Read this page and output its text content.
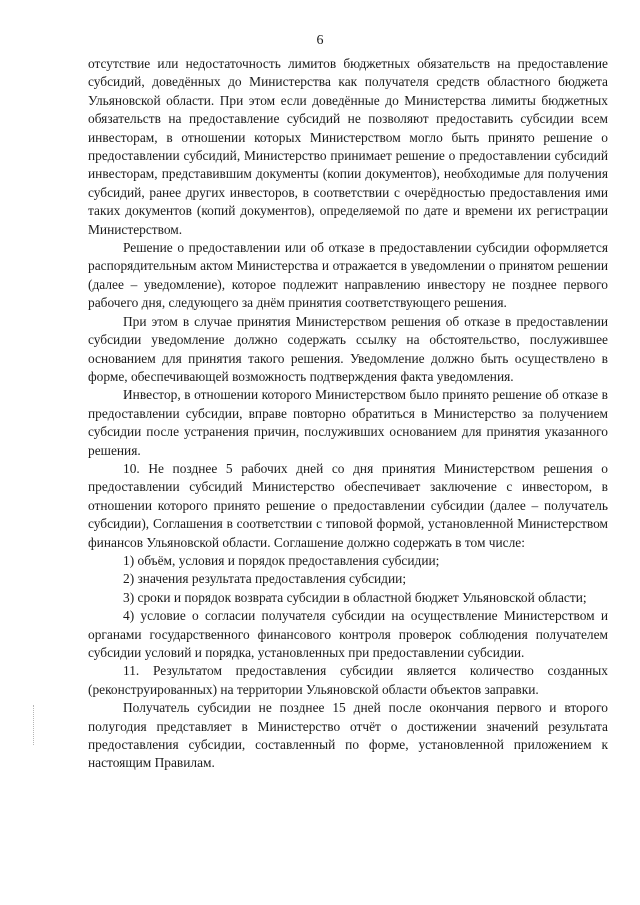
6

отсутствие или недостаточность лимитов бюджетных обязательств на предоставление субсидий, доведённых до Министерства как получателя средств областного бюджета Ульяновской области. При этом если доведённые до Министерства лимиты бюджетных обязательств на предоставление субсидий не позволяют предоставить субсидии всем инвесторам, в отношении которых Министерством могло быть принято решение о предоставлении субсидий, Министерство принимает решение о предоставлении субсидий инвесторам, представившим документы (копии документов), необходимые для получения субсидий, ранее других инвесторов, в соответствии с очерёдностью предоставления ими таких документов (копий документов), определяемой по дате и времени их регистрации Министерством.

Решение о предоставлении или об отказе в предоставлении субсидии оформляется распорядительным актом Министерства и отражается в уведомлении о принятом решении (далее – уведомление), которое подлежит направлению инвестору не позднее первого рабочего дня, следующего за днём принятия соответствующего решения.

При этом в случае принятия Министерством решения об отказе в предоставлении субсидии уведомление должно содержать ссылку на обстоятельство, послужившее основанием для принятия такого решения. Уведомление должно быть осуществлено в форме, обеспечивающей возможность подтверждения факта уведомления.

Инвестор, в отношении которого Министерством было принято решение об отказе в предоставлении субсидии, вправе повторно обратиться в Министерство за получением субсидии после устранения причин, послуживших основанием для принятия указанного решения.

10. Не позднее 5 рабочих дней со дня принятия Министерством решения о предоставлении субсидий Министерство обеспечивает заключение с инвестором, в отношении которого принято решение о предоставлении субсидии (далее – получатель субсидии), Соглашения в соответствии с типовой формой, установленной Министерством финансов Ульяновской области. Соглашение должно содержать в том числе:

1) объём, условия и порядок предоставления субсидии;

2) значения результата предоставления субсидии;

3) сроки и порядок возврата субсидии в областной бюджет Ульяновской области;

4) условие о согласии получателя субсидии на осуществление Министерством и органами государственного финансового контроля проверок соблюдения получателем субсидии условий и порядка, установленных при предоставлении субсидии.

11. Результатом предоставления субсидии является количество созданных (реконструированных) на территории Ульяновской области объектов заправки.

Получатель субсидии не позднее 15 дней после окончания первого и второго полугодия представляет в Министерство отчёт о достижении значений результата предоставления субсидии, составленный по форме, установленной приложением к настоящим Правилам.
